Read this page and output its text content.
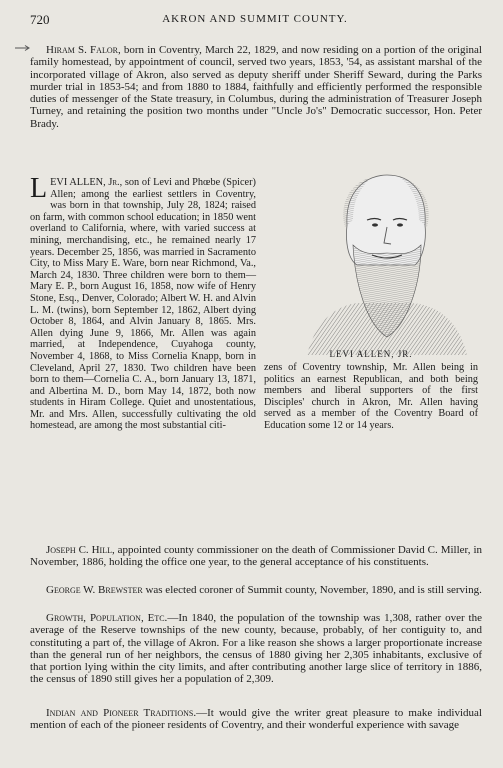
720	AKRON AND SUMMIT COUNTY.

Hiram S. Falor, born in Coventry, March 22, 1829, and now residing on a portion of the original family homestead, by appointment of council, served two years, 1853, '54, as assistant marshal of the incorporated village of Akron, also served as deputy sheriff under Sheriff Seward, during the Parks murder trial in 1853-54; and from 1880 to 1884, faithfully and efficiently performed the responsible duties of messenger of the State treasury, in Columbus, during the administration of Treasurer Joseph Turney, and retaining the position two months under "Uncle Jo's" Democratic successor, Hon. Peter Brady.

LEVI ALLEN, Jr., son of Levi and Phœbe (Spicer) Allen; among the earliest settlers in Coventry, was born in that township, July 28, 1824; raised on farm, with common school education; in 1850 went overland to California, where, with varied success at mining, merchandising, etc., he remained nearly 17 years. December 25, 1856, was married in Sacramento City, to Miss Mary E. Ware, born near Richmond, Va., March 24, 1830. Three children were born to them—Mary E. P., born August 16, 1858, now wife of Henry Stone, Esq., Denver, Colorado; Albert W. H. and Alvin L. M. (twins), born September 12, 1862, Albert dying October 8, 1864, and Alvin January 8, 1865. Mrs. Allen dying June 9, 1866, Mr. Allen was again married, at Independence, Cuyahoga county, November 4, 1868, to Miss Cornelia Knapp, born in Cleveland, April 27, 1830. Two children have been born to them—Cornelia C. A., born January 13, 1871, and Albertina M. D., born May 14, 1872, both now students in Hiram College. Quiet and unostentatious, Mr. and Mrs. Allen, successfully cultivating the old homestead, are among the most substantial citi-
LEVI ALLEN, JR.
zens of Coventry township, Mr. Allen being in politics an earnest Republican, and both being members and liberal supporters of the first Disciples' church in Akron, Mr. Allen having served as a member of the Coventry Board of Education some 12 or 14 years.

Joseph C. Hill, appointed county commissioner on the death of Commissioner David C. Miller, in November, 1886, holding the office one year, to the general acceptance of his constituents.

George W. Brewster was elected coroner of Summit county, November, 1890, and is still serving.

Growth, Population, Etc.—In 1840, the population of the township was 1,308, rather over the average of the Reserve townships of the new county, because, probably, of her contiguity to, and constituting a part of, the village of Akron. For a like reason she shows a larger proportionate increase than the general run of her neighbors, the census of 1880 giving her 2,305 inhabitants, exclusive of that portion lying within the city limits, and after contributing another large slice of territory in 1886, the census of 1890 still gives her a population of 2,309.

Indian and Pioneer Traditions.—It would give the writer great pleasure to make individual mention of each of the pioneer residents of Coventry, and their wonderful experience with savage
